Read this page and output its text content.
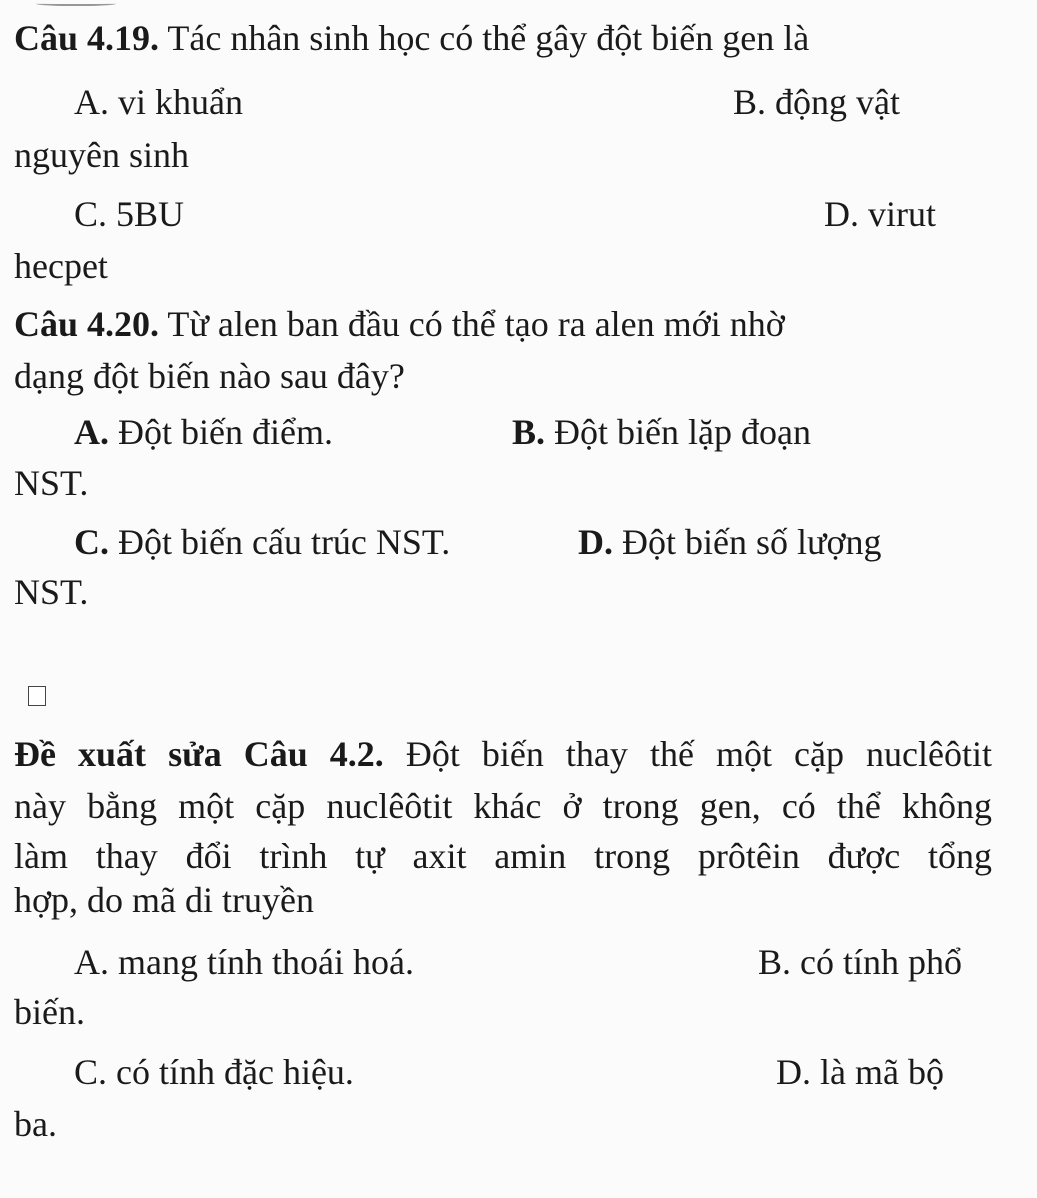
Câu 4.19. Tác nhân sinh học có thể gây đột biến gen là
A. vi khuẩn	B. động vật
nguyên sinh
C. 5BU	D. virut
hecpet
Câu 4.20. Từ alen ban đầu có thể tạo ra alen mới nhờ
dạng đột biến nào sau đây?
A. Đột biến điểm.	B. Đột biến lặp đoạn
NST.
C. Đột biến cấu trúc NST.	D. Đột biến số lượng
NST.
Đề xuất sửa Câu 4.2. Đột biến thay thế một cặp nuclêôtit
này bằng một cặp nuclêôtit khác ở trong gen, có thể không
làm thay đổi trình tự axit amin trong prôtêin được tổng
hợp, do mã di truyền
A. mang tính thoái hoá.	B. có tính phổ
biến.
C. có tính đặc hiệu.	D. là mã bộ
ba.
